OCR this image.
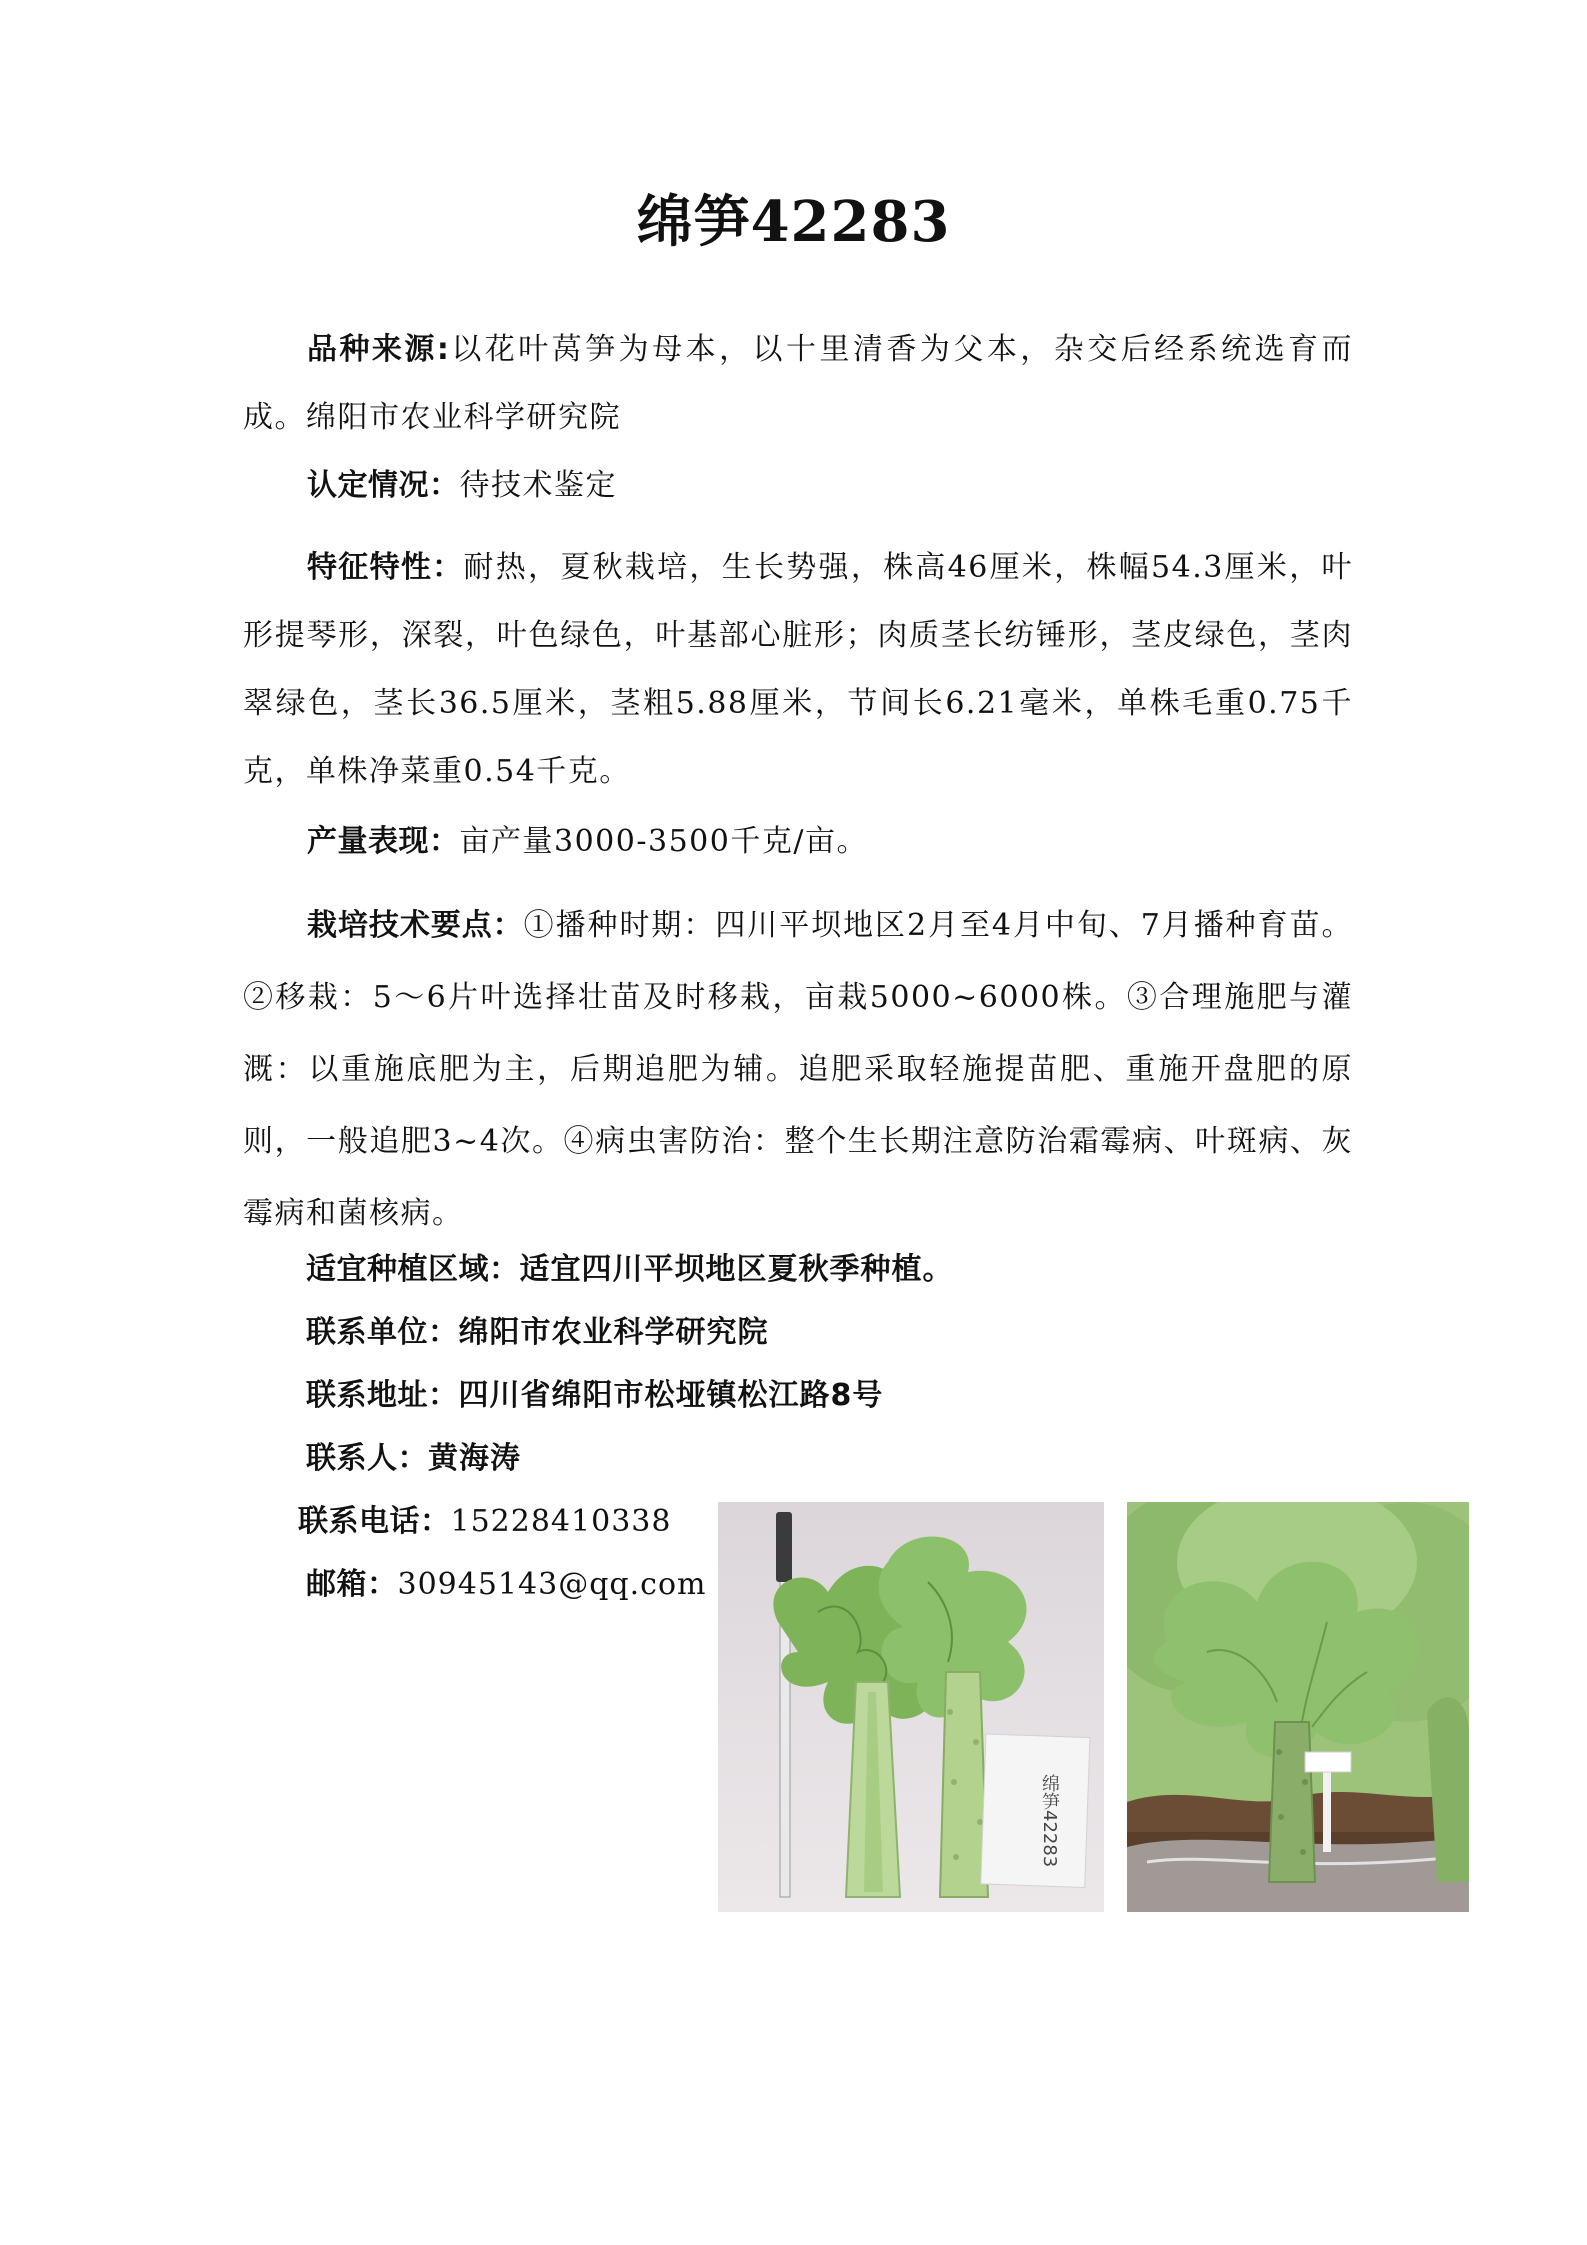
绵笋42283

品种来源:以花叶莴笋为母本，以十里清香为父本，杂交后经系统选育而成。绵阳市农业科学研究院

认定情况：待技术鉴定

特征特性：耐热，夏秋栽培，生长势强，株高46厘米，株幅54.3厘米，叶形提琴形，深裂，叶色绿色，叶基部心脏形；肉质茎长纺锤形，茎皮绿色，茎肉翠绿色，茎长36.5厘米，茎粗5.88厘米，节间长6.21毫米，单株毛重0.75千克，单株净菜重0.54千克。

产量表现：亩产量3000-3500千克/亩。

栽培技术要点：①播种时期：四川平坝地区2月至4月中旬、7月播种育苗。②移栽：5～6片叶选择壮苗及时移栽，亩栽5000~6000株。③合理施肥与灌溉：以重施底肥为主，后期追肥为辅。追肥采取轻施提苗肥、重施开盘肥的原则，一般追肥3~4次。④病虫害防治：整个生长期注意防治霜霉病、叶斑病、灰霉病和菌核病。

适宜种植区域：适宜四川平坝地区夏秋季种植。

联系单位：绵阳市农业科学研究院

联系地址：四川省绵阳市松垭镇松江路8号

联系人：黄海涛

联系电话：15228410338

邮箱：30945143@qq.com

绵笋42283
